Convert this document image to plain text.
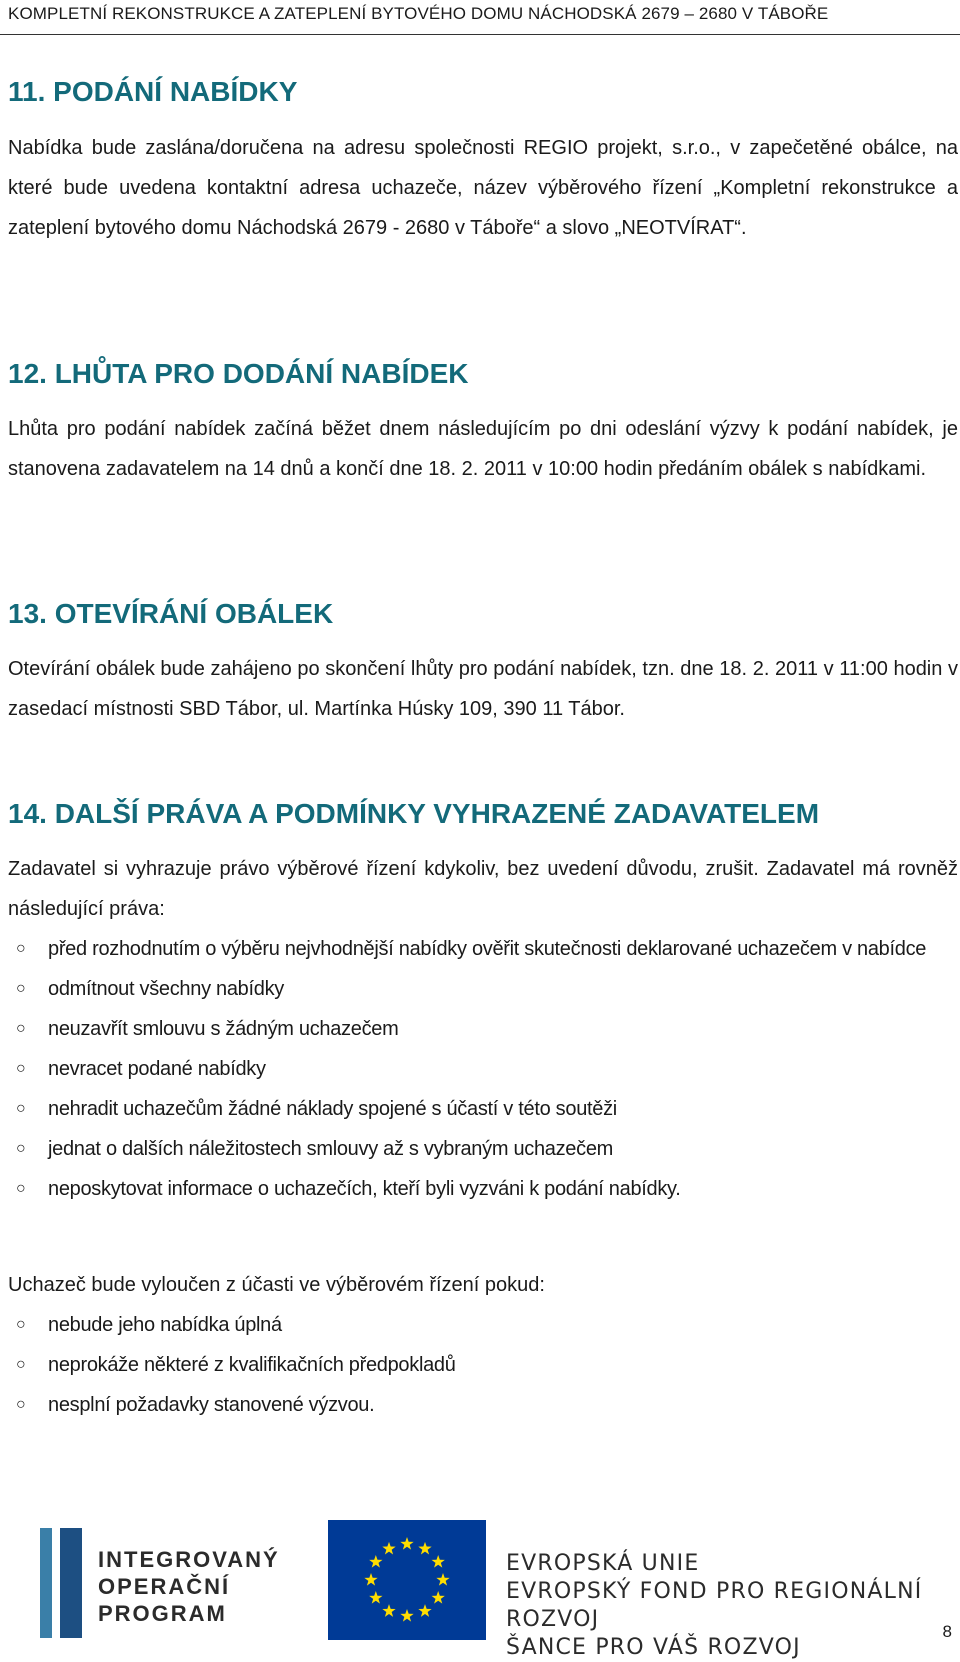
KOMPLETNÍ REKONSTRUKCE A ZATEPLENÍ BYTOVÉHO DOMU NÁCHODSKÁ 2679 – 2680 V TÁBOŘE
11. PODÁNÍ NABÍDKY

Nabídka bude zaslána/doručena na adresu společnosti REGIO projekt, s.r.o., v zapečetěné obálce, na které bude uvedena kontaktní adresa uchazeče, název výběrového řízení „Kompletní rekonstrukce a zateplení bytového domu Náchodská 2679 - 2680 v Táboře“ a slovo „NEOTVÍRAT“.

12. LHŮTA PRO DODÁNÍ NABÍDEK

Lhůta pro podání nabídek začíná běžet dnem následujícím po dni odeslání výzvy k podání nabídek, je stanovena zadavatelem na 14 dnů a končí dne 18. 2. 2011 v 10:00 hodin předáním obálek s nabídkami.

13. OTEVÍRÁNÍ OBÁLEK

Otevírání obálek bude zahájeno po skončení lhůty pro podání nabídek, tzn. dne 18. 2. 2011 v 11:00 hodin v zasedací místnosti SBD Tábor, ul. Martínka Húsky 109, 390 11 Tábor.

14. DALŠÍ PRÁVA A PODMÍNKY VYHRAZENÉ ZADAVATELEM

Zadavatel si vyhrazuje právo výběrové řízení kdykoliv, bez uvedení důvodu, zrušit. Zadavatel má rovněž následující práva:

○ před rozhodnutím o výběru nejvhodnější nabídky ověřit skutečnosti deklarované uchazečem v nabídce
○ odmítnout všechny nabídky
○ neuzavřít smlouvu s žádným uchazečem
○ nevracet podané nabídky
○ nehradit uchazečům žádné náklady spojené s účastí v této soutěži
○ jednat o dalších náležitostech smlouvy až s vybraným uchazečem
○ neposkytovat informace o uchazečích, kteří byli vyzváni k podání nabídky.

Uchazeč bude vyloučen z účasti ve výběrovém řízení pokud:

○ nebude jeho nabídka úplná
○ neprokáže některé z kvalifikačních předpokladů
○ nesplní požadavky stanovené výzvou.
INTEGROVANÝ
OPERAČNÍ
PROGRAM
EVROPSKÁ UNIE
EVROPSKÝ FOND PRO REGIONÁLNÍ ROZVOJ
ŠANCE PRO VÁŠ ROZVOJ
8
